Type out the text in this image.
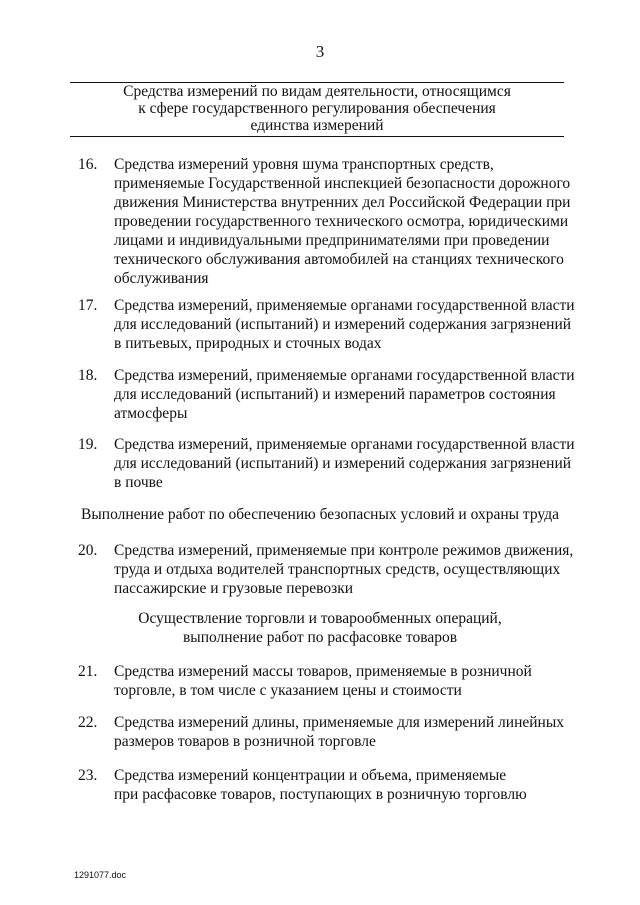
3
Средства измерений по видам деятельности, относящимся
к сфере государственного регулирования обеспечения
единства измерений
16.	Средства измерений уровня шума транспортных средств,
применяемые Государственной инспекцией безопасности дорожного
движения Министерства внутренних дел Российской Федерации при
проведении государственного технического осмотра, юридическими
лицами и индивидуальными предпринимателями при проведении
технического обслуживания автомобилей на станциях технического
обслуживания
17.	Средства измерений, применяемые органами государственной власти
для исследований (испытаний) и измерений содержания загрязнений
в питьевых, природных и сточных водах
18.	Средства измерений, применяемые органами государственной власти
для исследований (испытаний) и измерений параметров состояния
атмосферы
19.	Средства измерений, применяемые органами государственной власти
для исследований (испытаний) и измерений содержания загрязнений
в почве
Выполнение работ по обеспечению безопасных условий и охраны труда
20.	Средства измерений, применяемые при контроле режимов движения,
труда и отдыха водителей транспортных средств, осуществляющих
пассажирские и грузовые перевозки
Осуществление торговли и товарообменных операций,
выполнение работ по расфасовке товаров
21.	Средства измерений массы товаров, применяемые в розничной
торговле, в том числе с указанием цены и стоимости
22.	Средства измерений длины, применяемые для измерений линейных
размеров товаров в розничной торговле
23.	Средства измерений концентрации и объема, применяемые
при расфасовке товаров, поступающих в розничную торговлю
1291077.doc
